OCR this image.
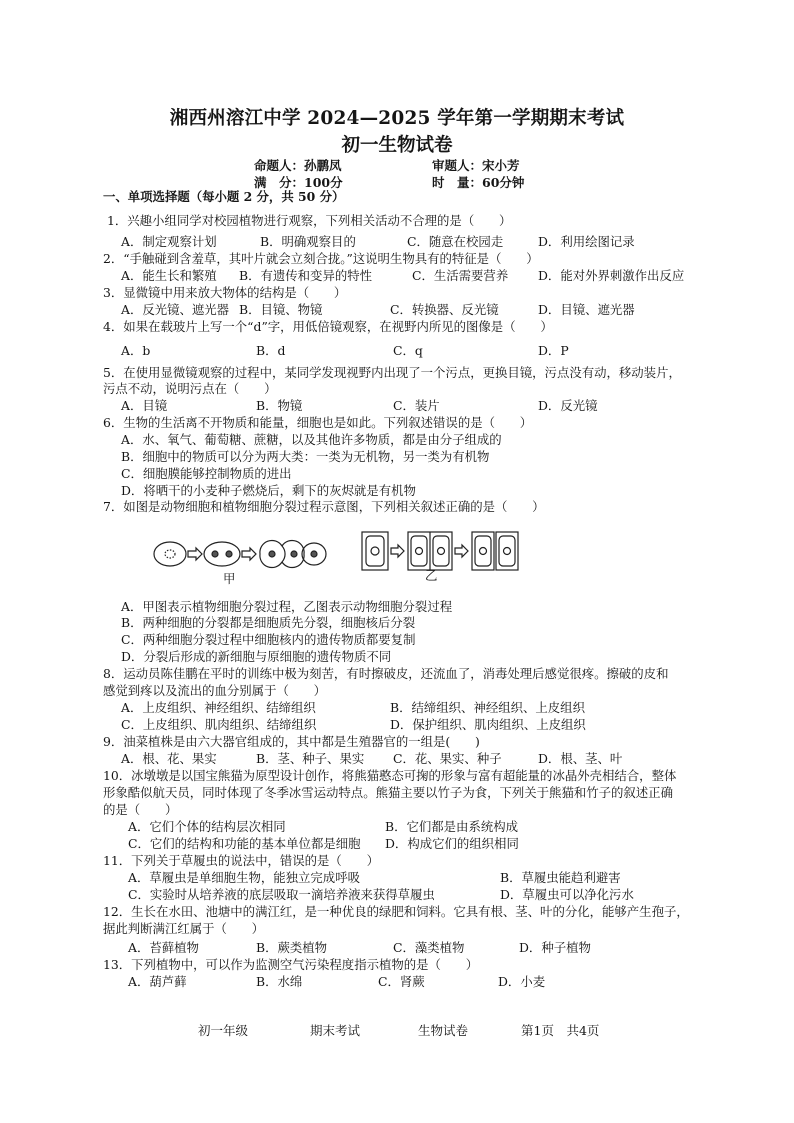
湘西州溶江中学 2024—2025 学年第一学期期末考试
初一生物试卷
命题人：孙鹏凤	审题人：宋小芳
满　分：100分	时　量：60分钟
一、单项选择题（每小题 2 分，共 50 分）
1．兴趣小组同学对校园植物进行观察，下列相关活动不合理的是（　　）
A．制定观察计划	B．明确观察目的	C．随意在校园走	D．利用绘图记录
2．“手触碰到含羞草，其叶片就会立刻合拢。”这说明生物具有的特征是（　　）
A．能生长和繁殖 B．有遗传和变异的特性	C．生活需要营养 D．能对外界刺激作出反应
3．显微镜中用来放大物体的结构是（　　）
A．反光镜、遮光器 B．目镜、物镜	C．转换器、反光镜	D．目镜、遮光器
4．如果在载玻片上写一个“d”字，用低倍镜观察，在视野内所见的图像是（　　）
A．b	B．d	C．q	D．P
5．在使用显微镜观察的过程中，某同学发现视野内出现了一个污点，更换目镜，污点没有动，移动装片，
污点不动，说明污点在（　　）
A．目镜	B．物镜	C．装片	D．反光镜
6．生物的生活离不开物质和能量，细胞也是如此。下列叙述错误的是（　　）
A．水、氧气、葡萄糖、蔗糖，以及其他许多物质，都是由分子组成的
B．细胞中的物质可以分为两大类：一类为无机物，另一类为有机物
C．细胞膜能够控制物质的进出
D．将晒干的小麦种子燃烧后，剩下的灰烬就是有机物
7．如图是动物细胞和植物细胞分裂过程示意图，下列相关叙述正确的是（　　）
甲	乙
A．甲图表示植物细胞分裂过程，乙图表示动物细胞分裂过程
B．两种细胞的分裂都是细胞质先分裂，细胞核后分裂
C．两种细胞分裂过程中细胞核内的遗传物质都要复制
D．分裂后形成的新细胞与原细胞的遗传物质不同
8．运动员陈佳鹏在平时的训练中极为刻苦，有时擦破皮，还流血了，消毒处理后感觉很疼。擦破的皮和
感觉到疼以及流出的血分别属于（　　）
A．上皮组织、神经组织、结缔组织	B．结缔组织、神经组织、上皮组织
C．上皮组织、肌肉组织、结缔组织	D．保护组织、肌肉组织、上皮组织
9．油菜植株是由六大器官组成的，其中都是生殖器官的一组是(　　)
A．根、花、果实	B．茎、种子、果实 C．花、果实、种子	D．根、茎、叶
10．冰墩墩是以国宝熊猫为原型设计创作，将熊猫憨态可掬的形象与富有超能量的冰晶外壳相结合，整体
形象酷似航天员，同时体现了冬季冰雪运动特点。熊猫主要以竹子为食，下列关于熊猫和竹子的叙述正确
的是（　　）
A．它们个体的结构层次相同	B．它们都是由系统构成
C．它们的结构和功能的基本单位都是细胞 D．构成它们的组织相同
11．下列关于草履虫的说法中，错误的是（　　）
A．草履虫是单细胞生物，能独立完成呼吸	B．草履虫能趋利避害
C．实验时从培养液的底层吸取一滴培养液来获得草履虫	D．草履虫可以净化污水
12．生长在水田、池塘中的满江红，是一种优良的绿肥和饲料。它具有根、茎、叶的分化，能够产生孢子，
据此判断满江红属于（　　）
A．苔藓植物	B．蕨类植物	C．藻类植物	D．种子植物
13．下列植物中，可以作为监测空气污染程度指示植物的是（　　）
A．葫芦藓	B．水绵	C．肾蕨	D．小麦
初一年级	期末考试	生物试卷	第1页　共4页
